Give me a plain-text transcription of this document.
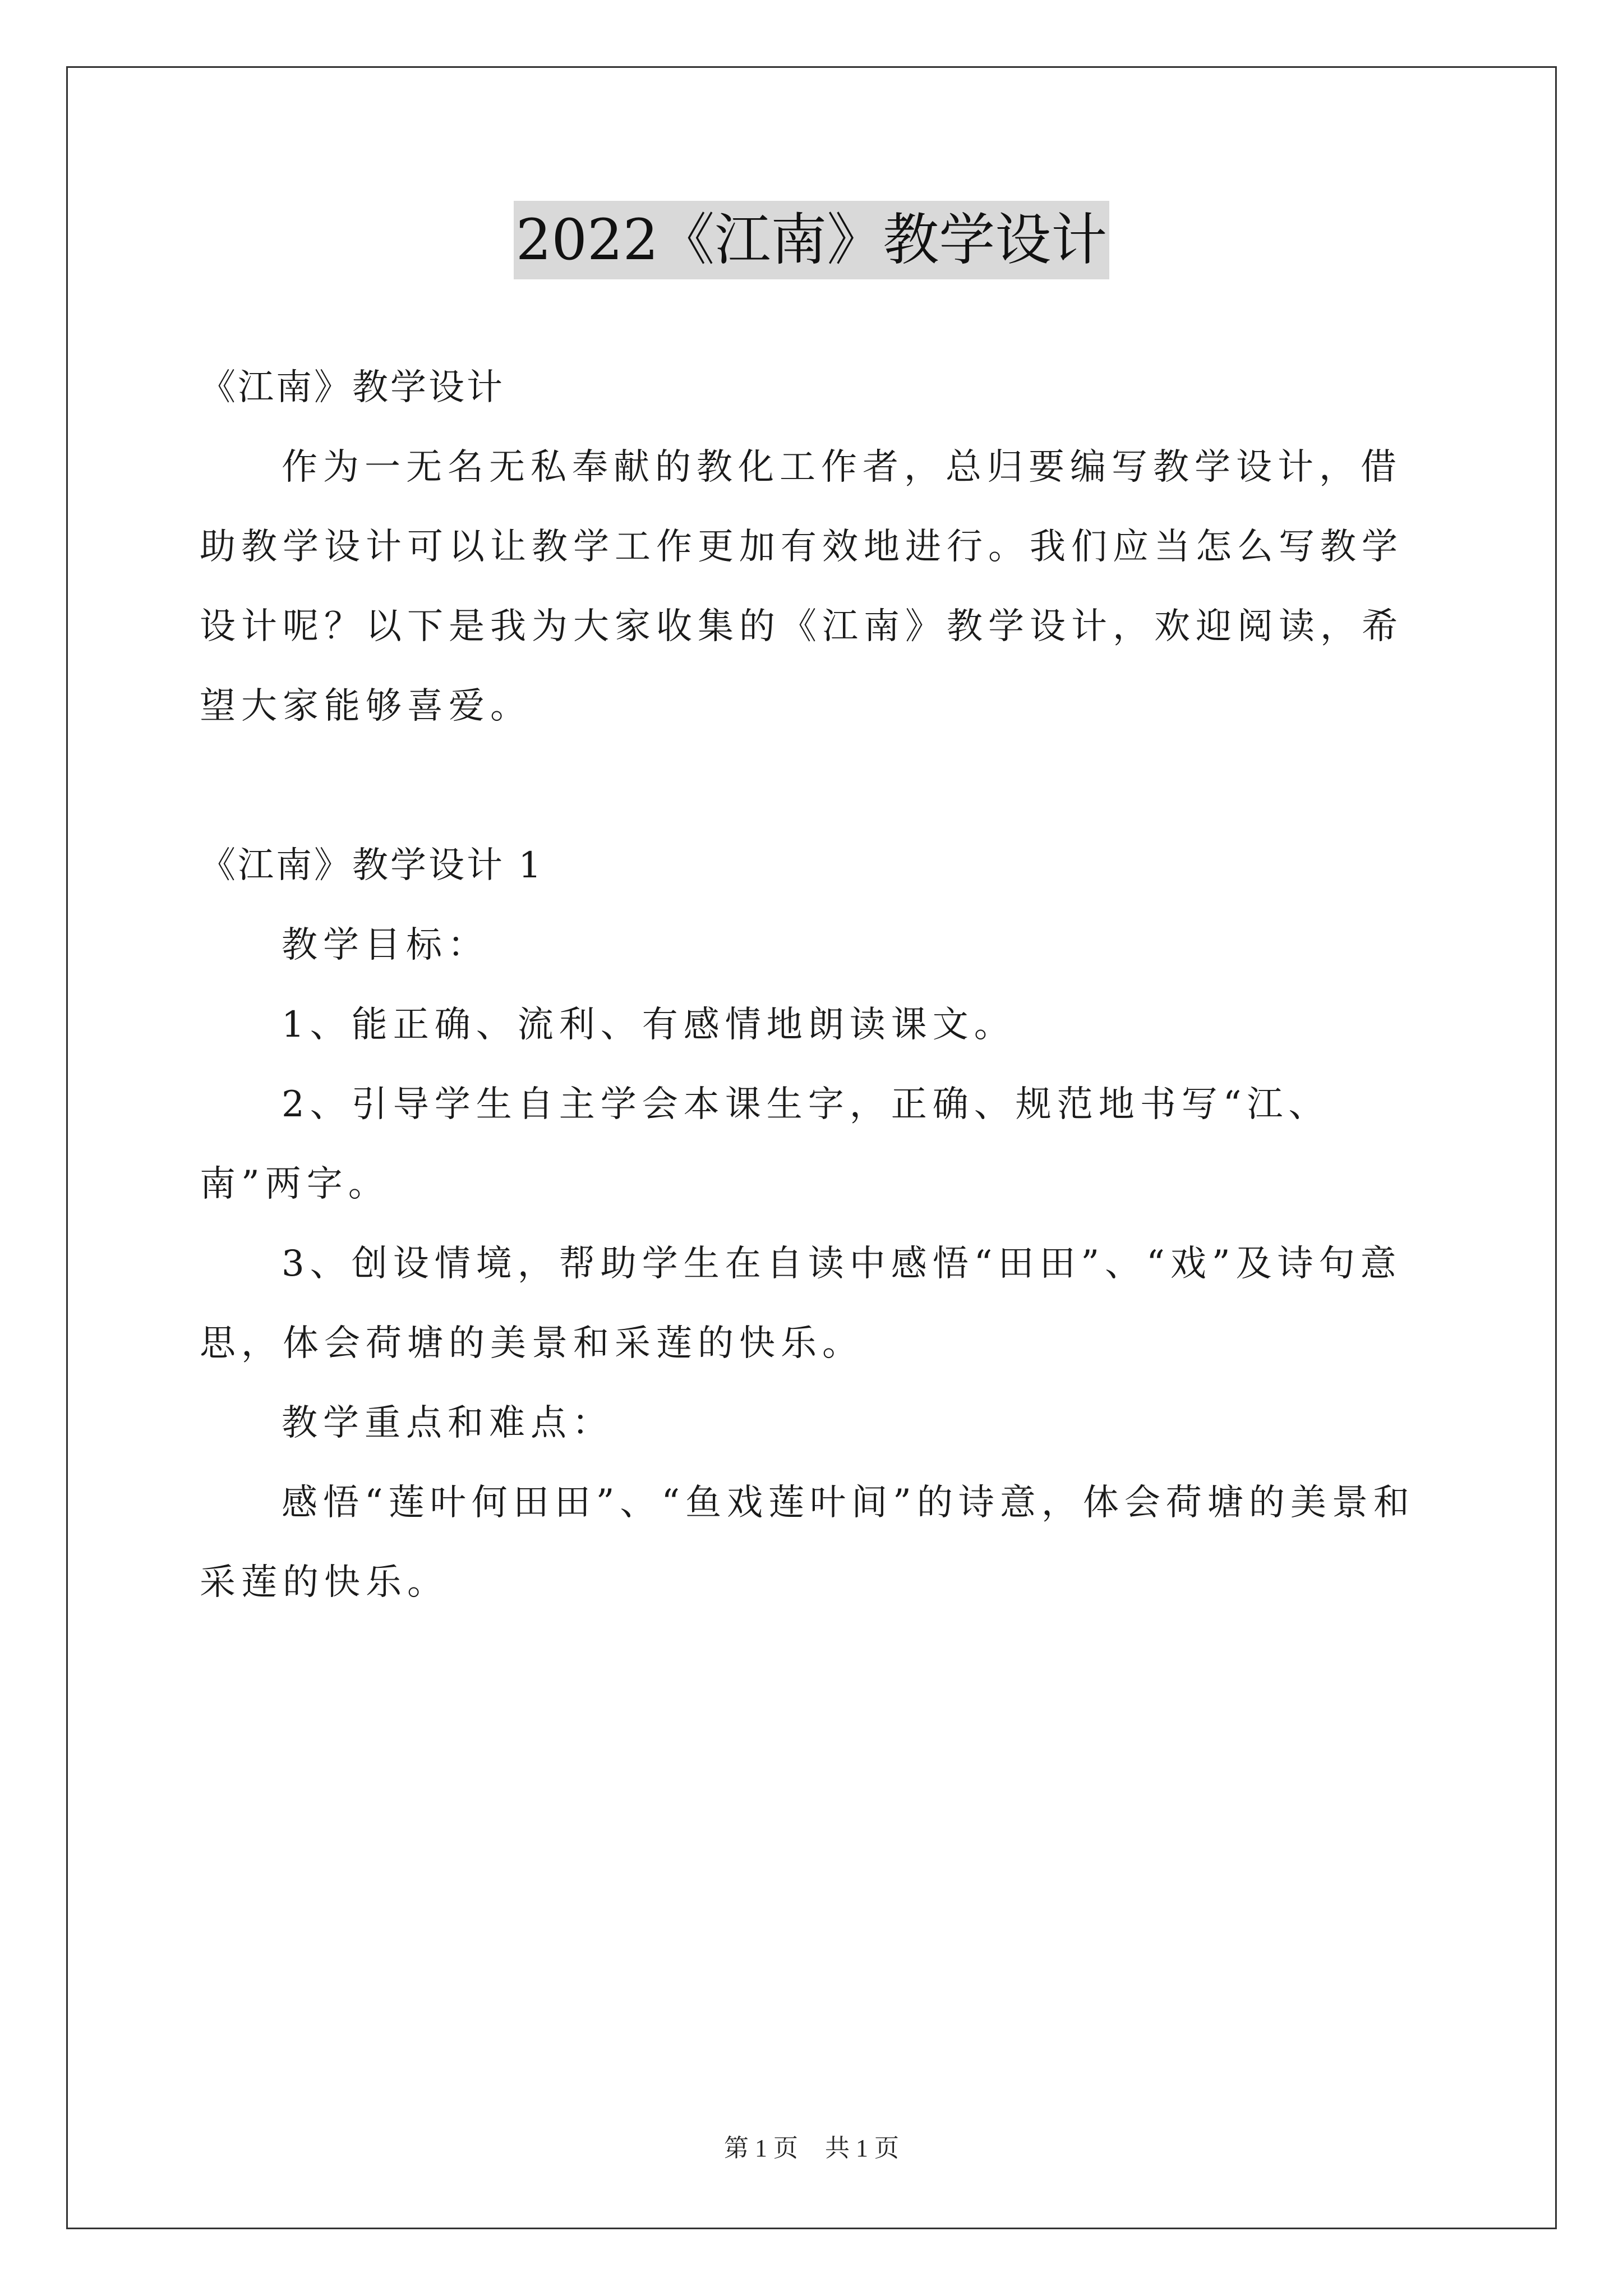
2022《江南》教学设计

《江南》教学设计

作为一无名无私奉献的教化工作者，总归要编写教学设计，借助教学设计可以让教学工作更加有效地进行。我们应当怎么写教学设计呢？以下是我为大家收集的《江南》教学设计，欢迎阅读，希望大家能够喜爱。

《江南》教学设计 1

教学目标：

1、能正确、流利、有感情地朗读课文。

2、引导学生自主学会本课生字，正确、规范地书写“江、南”两字。

3、创设情境，帮助学生在自读中感悟“田田”、“戏”及诗句意思，体会荷塘的美景和采莲的快乐。

教学重点和难点：

感悟“莲叶何田田”、“鱼戏莲叶间”的诗意，体会荷塘的美景和采莲的快乐。

第 1 页 共 1 页
